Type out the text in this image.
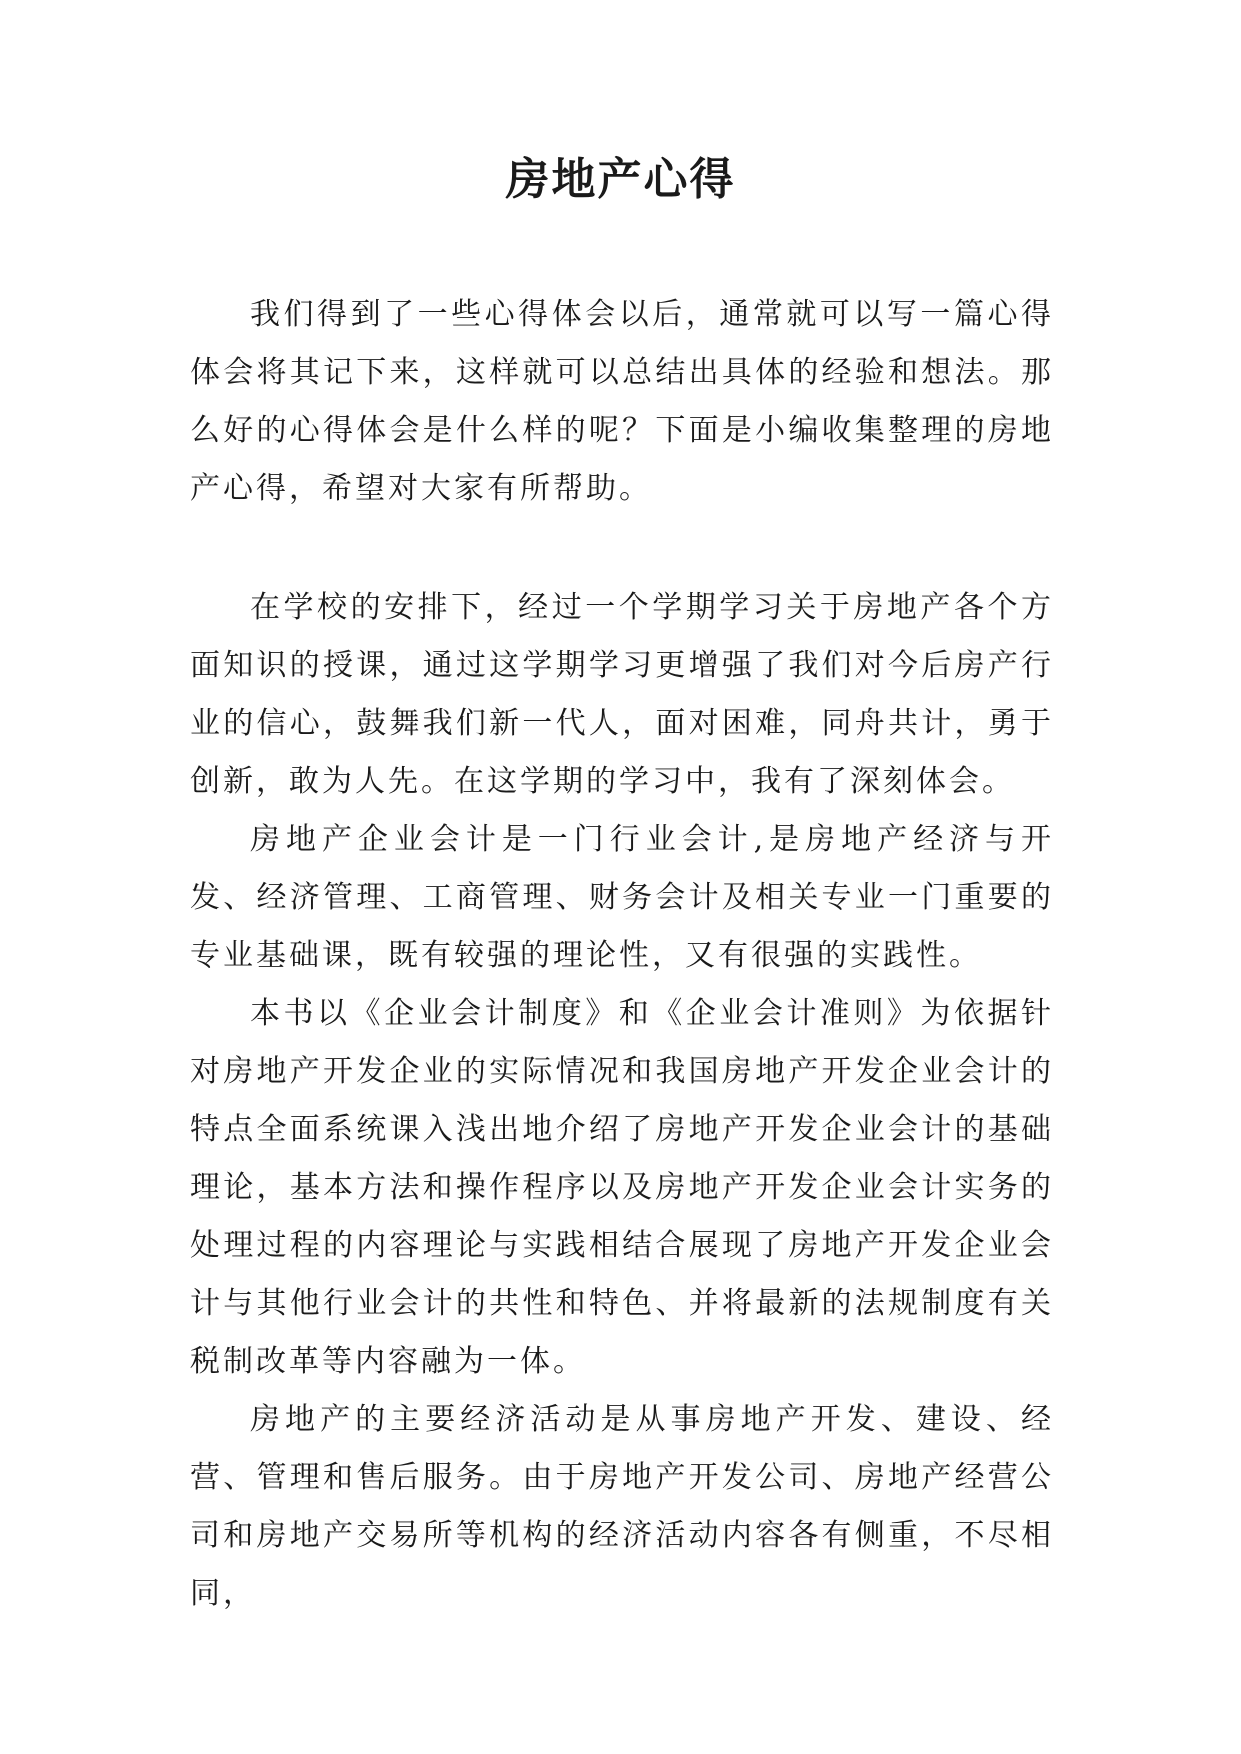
房地产心得

我们得到了一些心得体会以后，通常就可以写一篇心得体会将其记下来，这样就可以总结出具体的经验和想法。那么好的心得体会是什么样的呢？下面是小编收集整理的房地产心得，希望对大家有所帮助。

在学校的安排下，经过一个学期学习关于房地产各个方面知识的授课，通过这学期学习更增强了我们对今后房产行业的信心，鼓舞我们新一代人，面对困难，同舟共计，勇于创新，敢为人先。在这学期的学习中，我有了深刻体会。

房地产企业会计是一门行业会计,是房地产经济与开发、经济管理、工商管理、财务会计及相关专业一门重要的专业基础课，既有较强的理论性，又有很强的实践性。

本书以《企业会计制度》和《企业会计准则》为依据针对房地产开发企业的实际情况和我国房地产开发企业会计的特点全面系统课入浅出地介绍了房地产开发企业会计的基础理论，基本方法和操作程序以及房地产开发企业会计实务的处理过程的内容理论与实践相结合展现了房地产开发企业会计与其他行业会计的共性和特色、并将最新的法规制度有关税制改革等内容融为一体。

房地产的主要经济活动是从事房地产开发、建设、经营、管理和售后服务。由于房地产开发公司、房地产经营公司和房地产交易所等机构的经济活动内容各有侧重，不尽相同，
